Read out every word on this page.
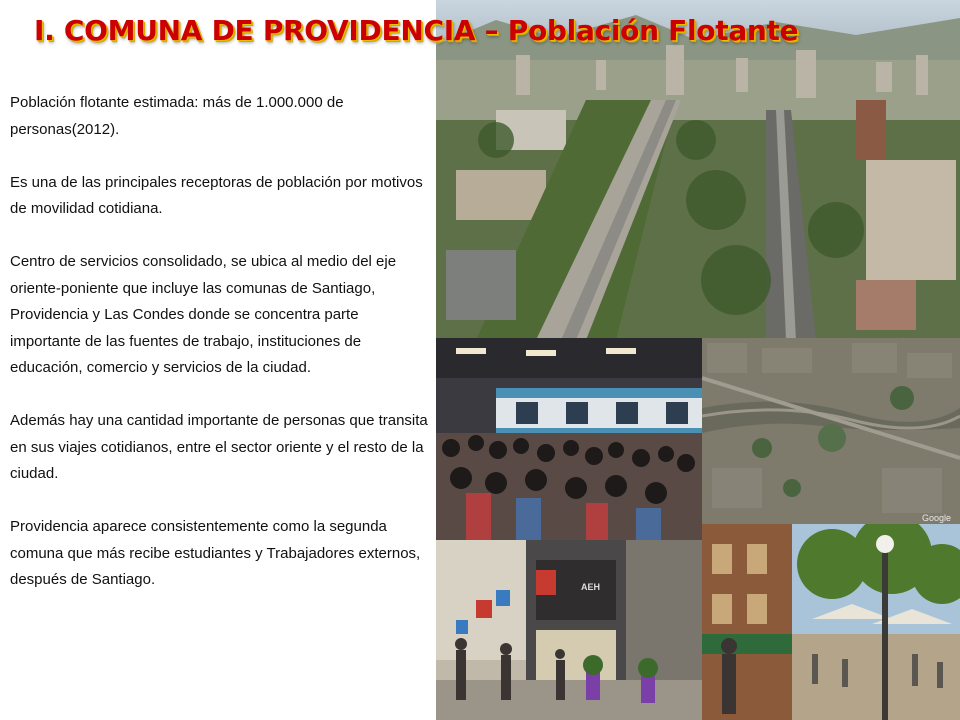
I. COMUNA DE PROVIDENCIA – Población Flotante

Población flotante estimada: más de 1.000.000 de personas(2012).

Es una de las principales receptoras de población por motivos de movilidad cotidiana.

Centro de servicios consolidado, se ubica al medio del eje oriente-poniente que incluye las comunas de Santiago, Providencia y Las Condes donde se concentra parte importante de las fuentes de trabajo, instituciones de educación, comercio y servicios de la ciudad.

Además hay una cantidad importante de personas que transita en sus viajes cotidianos, entre el sector oriente y el resto de la ciudad.

Providencia aparece consistentemente como la segunda comuna que más recibe estudiantes y Trabajadores externos, después de Santiago.

Google
AEH
